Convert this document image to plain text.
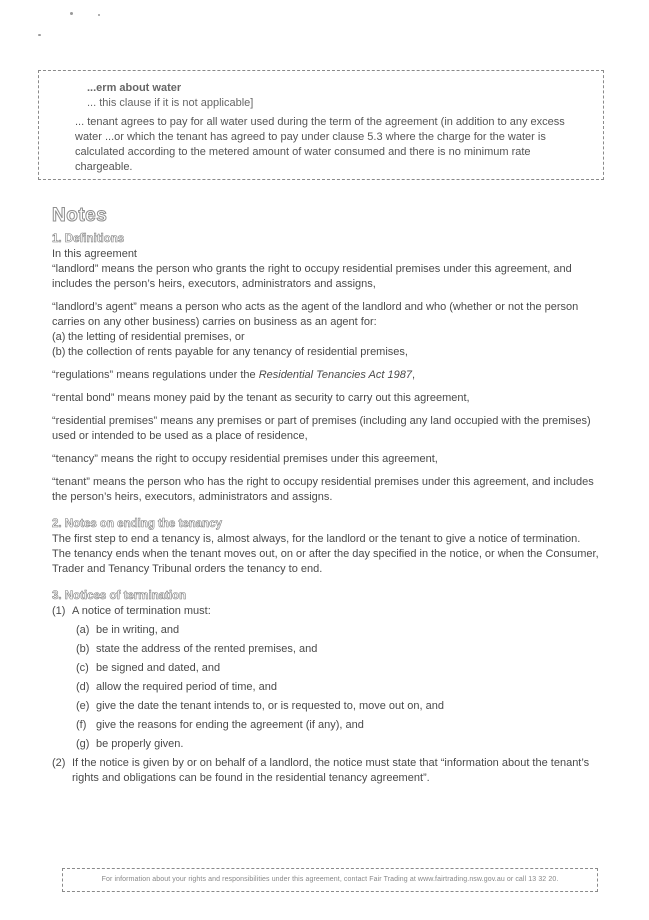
...erm about water
... this clause if it is not applicable]
... tenant agrees to pay for all water used during the term of the agreement (in addition to any excess water ...or which the tenant has agreed to pay under clause 5.3 where the charge for the water is calculated according to the metered amount of water consumed and there is no minimum rate chargeable.
Notes
1. Definitions
In this agreement
“landlord” means the person who grants the right to occupy residential premises under this agreement, and includes the person’s heirs, executors, administrators and assigns,
“landlord’s agent” means a person who acts as the agent of the landlord and who (whether or not the person carries on any other business) carries on business as an agent for:
(a) the letting of residential premises, or
(b) the collection of rents payable for any tenancy of residential premises,
“regulations” means regulations under the Residential Tenancies Act 1987,
“rental bond” means money paid by the tenant as security to carry out this agreement,
“residential premises” means any premises or part of premises (including any land occupied with the premises) used or intended to be used as a place of residence,
“tenancy” means the right to occupy residential premises under this agreement,
“tenant” means the person who has the right to occupy residential premises under this agreement, and includes the person’s heirs, executors, administrators and assigns.
2. Notes on ending the tenancy
The first step to end a tenancy is, almost always, for the landlord or the tenant to give a notice of termination. The tenancy ends when the tenant moves out, on or after the day specified in the notice, or when the Consumer, Trader and Tenancy Tribunal orders the tenancy to end.
3. Notices of termination
(1) A notice of termination must:
(a) be in writing, and
(b) state the address of the rented premises, and
(c) be signed and dated, and
(d) allow the required period of time, and
(e) give the date the tenant intends to, or is requested to, move out on, and
(f) give the reasons for ending the agreement (if any), and
(g) be properly given.
(2) If the notice is given by or on behalf of a landlord, the notice must state that “information about the tenant’s rights and obligations can be found in the residential tenancy agreement”.
For information about your rights and responsibilities under this agreement, contact Fair Trading at www.fairtrading.nsw.gov.au or call 13 32 20.
